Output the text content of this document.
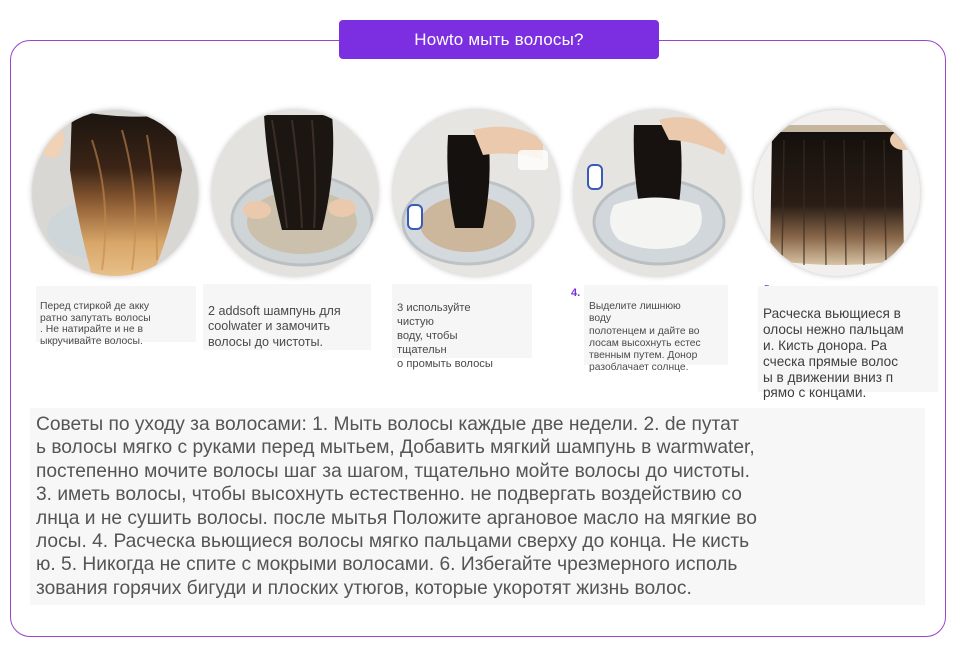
Howto мыть волосы?

Перед стиркой де акку
ратно запутать волосы
. Не натирайте и не в
ыкручивайте волосы.

2 addsoft шампунь для
coolwater и замочить
волосы до чистоты.

3 используйте
чистую
воду, чтобы
тщательн
о промыть волосы

4.

Выделите лишнюю
воду
полотенцем и дайте во
лосам высохнуть естес
твенным путем. Донор
разоблачает солнце.

Расческа вьющиеся в
олосы нежно пальцам
и. Кисть донора. Ра
сческа прямые волос
ы в движении вниз п
рямо с концами.

Советы по уходу за волосами: 1. Мыть волосы каждые две недели. 2. de путат
ь волосы мягко с руками перед мытьем, Добавить мягкий шампунь в warmwater,
постепенно мочите волосы шаг за шагом, тщательно мойте волосы до чистоты.
3. иметь волосы, чтобы высохнуть естественно. не подвергать воздействию со
лнца и не сушить волосы. после мытья Положите аргановое масло на мягкие во
лосы. 4. Расческа вьющиеся волосы мягко пальцами сверху до конца. Не кисть
ю. 5. Никогда не спите с мокрыми волосами. 6. Избегайте чрезмерного исполь
зования горячих бигуди и плоских утюгов, которые укоротят жизнь волос.
